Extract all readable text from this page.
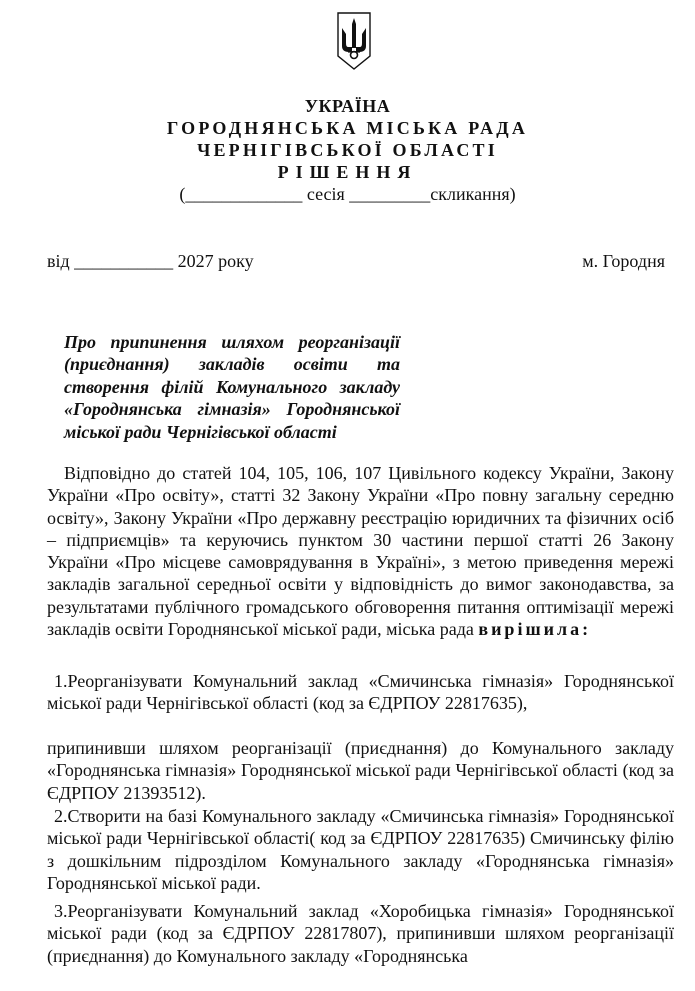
УКРАЇНА
ГОРОДНЯНСЬКА МІСЬКА РАДА
ЧЕРНІГІВСЬКОЇ ОБЛАСТІ
РІШЕННЯ
(_____________ сесія _________скликання)
від ___________ 2027 року	м. Городня
Про припинення шляхом реорганізації (приєднання) закладів освіти та створення філій Комунального закладу «Городнянська гімназія» Городнянської міської ради Чернігівської області
Відповідно до статей 104, 105, 106, 107 Цивільного кодексу України, Закону України «Про освіту», статті 32 Закону України «Про повну загальну середню освіту», Закону України «Про державну реєстрацію юридичних та фізичних осіб – підприємців» та керуючись пунктом 30 частини першої статті 26 Закону України «Про місцеве самоврядування в Україні», з метою приведення мережі закладів загальної середньої освіти у відповідність до вимог законодавства, за результатами публічного громадського обговорення питання оптимізації мережі закладів освіти Городнянської міської ради, міська рада вирішила:
1.Реорганізувати Комунальний заклад «Смичинська гімназія» Городнянської міської ради Чернігівської області (код за ЄДРПОУ 22817635),
припинивши шляхом реорганізації (приєднання) до Комунального закладу «Городнянська гімназія» Городнянської міської ради Чернігівської області (код за ЄДРПОУ 21393512).
2.Створити на базі Комунального закладу «Смичинська гімназія» Городнянської міської ради Чернігівської області( код за ЄДРПОУ 22817635) Смичинську філію з дошкільним підрозділом Комунального закладу «Городнянська гімназія» Городнянської міської ради.
3.Реорганізувати Комунальний заклад «Хоробицька гімназія» Городнянської міської ради (код за ЄДРПОУ 22817807), припинивши шляхом реорганізації (приєднання) до Комунального закладу «Городнянська
